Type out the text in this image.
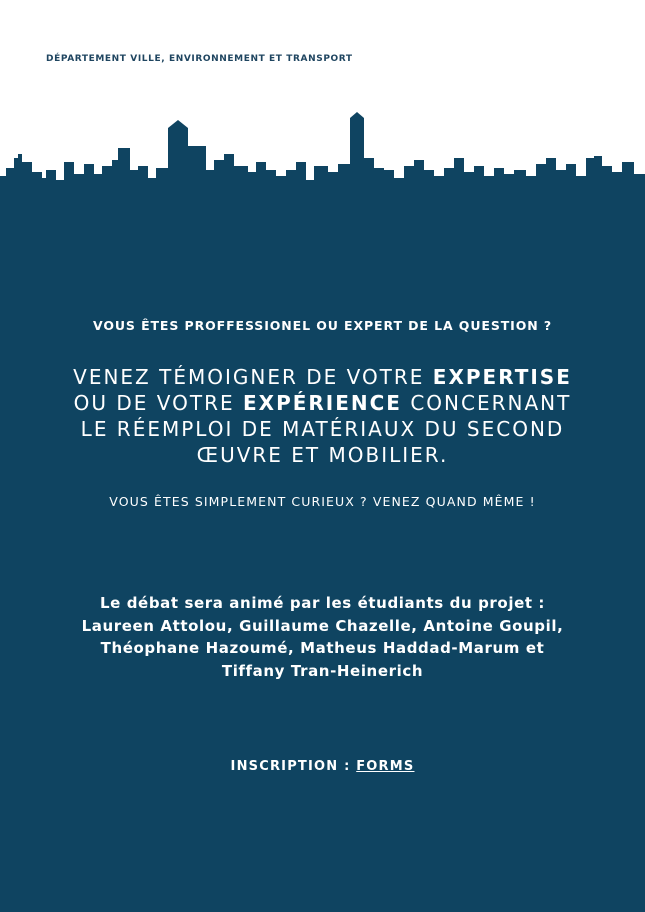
DÉPARTEMENT VILLE, ENVIRONNEMENT ET TRANSPORT
VOUS ÊTES PROFFESSIONEL OU EXPERT DE LA QUESTION ?
VENEZ TÉMOIGNER DE VOTRE EXPERTISE
OU DE VOTRE EXPÉRIENCE CONCERNANT
LE RÉEMPLOI DE MATÉRIAUX DU SECOND
ŒUVRE ET MOBILIER.
VOUS ÊTES SIMPLEMENT CURIEUX ? VENEZ QUAND MÊME !
Le débat sera animé par les étudiants du projet :
Laureen Attolou, Guillaume Chazelle, Antoine Goupil,
Théophane Hazoumé, Matheus Haddad-Marum et
Tiffany Tran-Heinerich
INSCRIPTION : FORMS
